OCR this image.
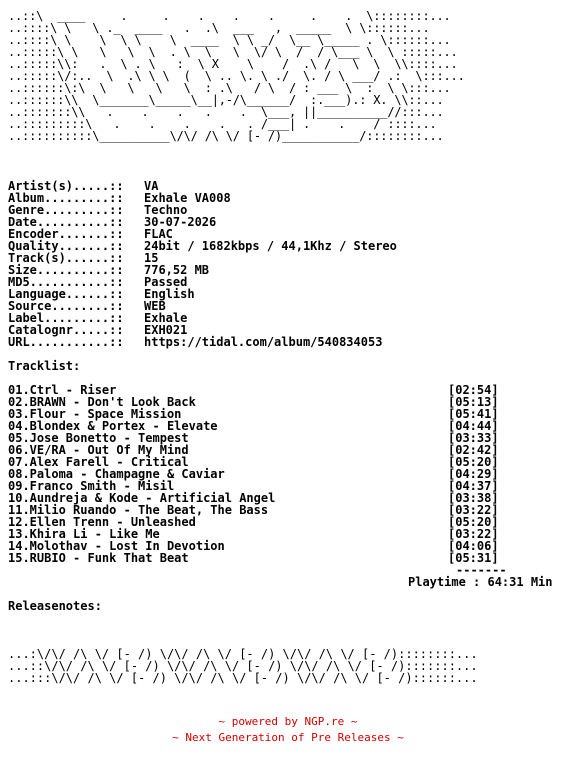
..::\  ____     .     .    .    .    .     .    .  \::::::::...
..::::\ \   \ ._  ____   .  .\  ___   ,  _____  \ \::::::...
..::::\ \    \  \ \    \  ____  \ \ _/  \__ \_____ . \::::::...
..:::::\ \   \   \  \  . \  \   \  \/ \  /  / \___ \  \ :::::...
..:::::\\:   .  \ . \   :  \ X    \    /  .\ /   \  \  \\::::...
..:::::\/:..  \  .\ \ \  (  \ .. \. \ ./  \. / \ ___/ .:  \:::...
..::::::\:\  \   \   \   \  : .\   / \  / : ___ \  :  \ \:::...
..::::::\\  \_______\_____\__|,-/\______/  :.___).: X. \\::...
..:::::::\\   .    .    .   .    .  \___, ||__________//:::...
..:::::::::\   .    .    .    .   . /___| .    .    / ::::...
..::::::::::\__________\/\/ /\ \/ [- /)___________/::::::::...
Artist(s).....:: VA
Album.........:: Exhale VA008
Genre.........:: Techno
Date..........:: 30-07-2026
Encoder.......:: FLAC
Quality.......:: 24bit / 1682kbps / 44,1Khz / Stereo
Track(s)......:: 15
Size..........:: 776,52 MB
MD5...........:: Passed
Language......:: English
Source........:: WEB
Label.........:: Exhale
Catalognr.....:: EXH021
URL...........:: https://tidal.com/album/540834053
Tracklist:
01.Ctrl - Riser	[02:54]
02.BRAWN - Don't Look Back	[05:13]
03.Flour - Space Mission	[05:41]
04.Blondex & Portex - Elevate	[04:44]
05.Jose Bonetto - Tempest	[03:33]
06.VE/RA - Out Of My Mind	[02:42]
07.Alex Farell - Critical	[05:20]
08.Paloma - Champagne & Caviar	[04:29]
09.Franco Smith - Misil	[04:37]
10.Aundreja & Kode - Artificial Angel	[03:38]
11.Milio Ruando - The Beat, The Bass	[03:22]
12.Ellen Trenn - Unleashed	[05:20]
13.Khira Li - Like Me	[03:22]
14.Molothav - Lost In Devotion	[04:06]
15.RUBIO - Funk That Beat	[05:31]
-------
Playtime : 64:31 Min
Releasenotes:
...:\/\/ /\ \/ [- /) \/\/ /\ \/ [- /) \/\/ /\ \/ [- /)::::::::...
...::\/\/ /\ \/ [- /) \/\/ /\ \/ [- /) \/\/ /\ \/ [- /):::::::...
...:::\/\/ /\ \/ [- /) \/\/ /\ \/ [- /) \/\/ /\ \/ [- /)::::::...
~ powered by NGP.re ~
~ Next Generation of Pre Releases ~
